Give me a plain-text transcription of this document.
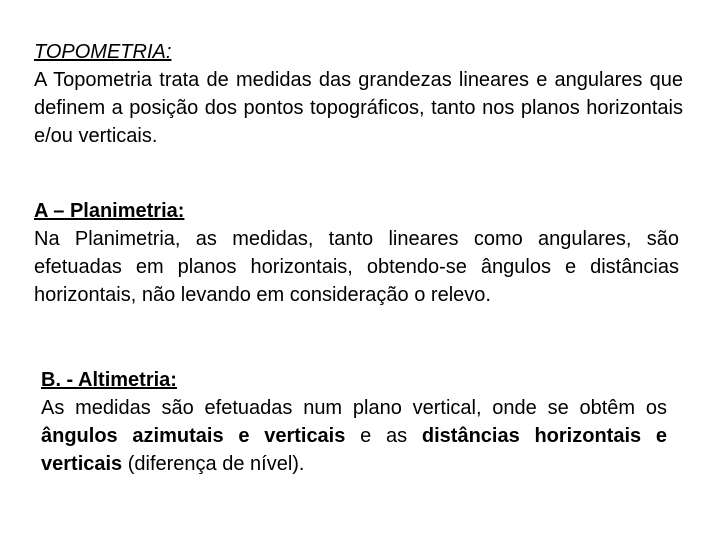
TOPOMETRIA:
A Topometria trata de medidas das grandezas lineares e angulares que definem a posição dos pontos topográficos, tanto nos planos horizontais e/ou verticais.
A – Planimetria:
Na Planimetria, as medidas, tanto lineares como angulares, são efetuadas em planos horizontais, obtendo-se ângulos e distâncias horizontais, não levando em consideração o relevo.
B. - Altimetria:
As medidas são efetuadas num plano vertical, onde se obtêm os ângulos azimutais e verticais e as distâncias horizontais e verticais (diferença de nível).
